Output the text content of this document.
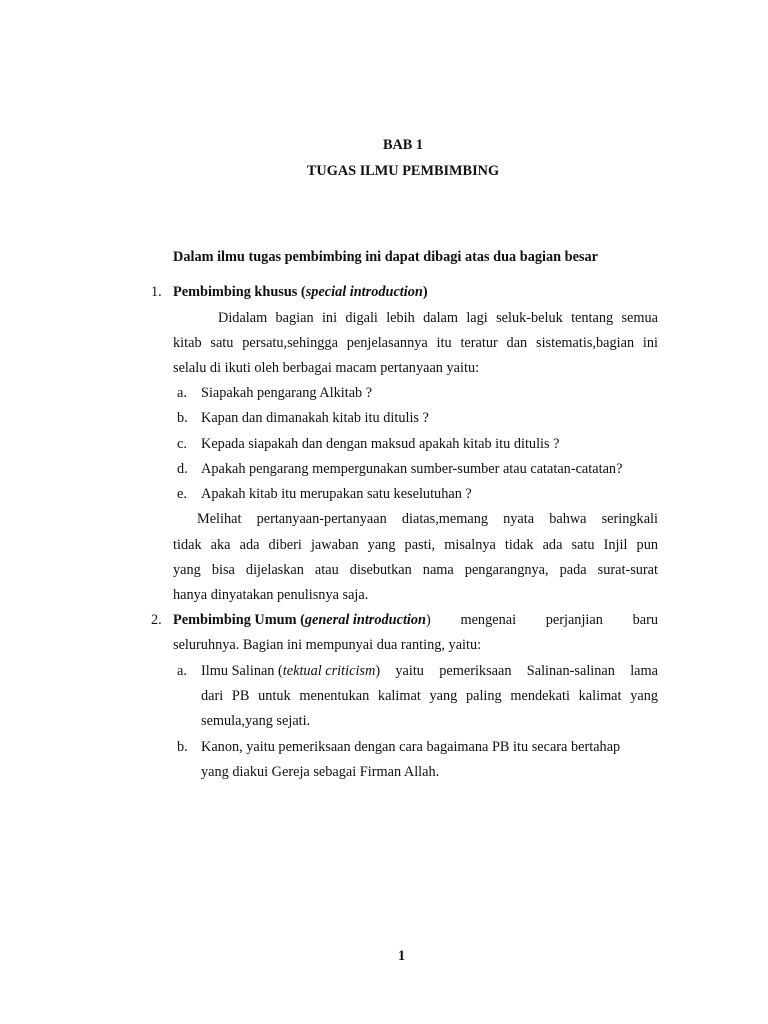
BAB 1
TUGAS ILMU PEMBIMBING
Dalam ilmu tugas pembimbing ini dapat dibagi atas dua bagian besar
1. Pembimbing khusus (special introduction)
Didalam bagian ini digali lebih dalam lagi seluk-beluk tentang semua
kitab satu persatu,sehingga penjelasannya itu teratur dan sistematis,bagian ini
selalu di ikuti oleh berbagai macam pertanyaan yaitu:
a. Siapakah pengarang Alkitab ?
b. Kapan dan dimanakah kitab itu ditulis ?
c. Kepada siapakah dan dengan maksud apakah kitab itu ditulis ?
d. Apakah pengarang mempergunakan sumber-sumber atau catatan-catatan?
e. Apakah kitab itu merupakan satu keselutuhan ?
Melihat pertanyaan-pertanyaan diatas,memang nyata bahwa seringkali
tidak aka ada diberi jawaban yang pasti, misalnya tidak ada satu Injil pun
yang bisa dijelaskan atau disebutkan nama pengarangnya, pada surat-surat
hanya dinyatakan penulisnya saja.
2. Pembimbing Umum (general introduction ) mengenai perjanjian baru
seluruhnya. Bagian ini mempunyai dua ranting, yaitu:
a. Ilmu Salinan ( tektual criticism ) yaitu pemeriksaan Salinan-salinan lama
dari PB untuk menentukan kalimat yang paling mendekati kalimat yang
semula,yang sejati.
b. Kanon, yaitu pemeriksaan dengan cara bagaimana PB itu secara bertahap
yang diakui Gereja sebagai Firman Allah.
1
